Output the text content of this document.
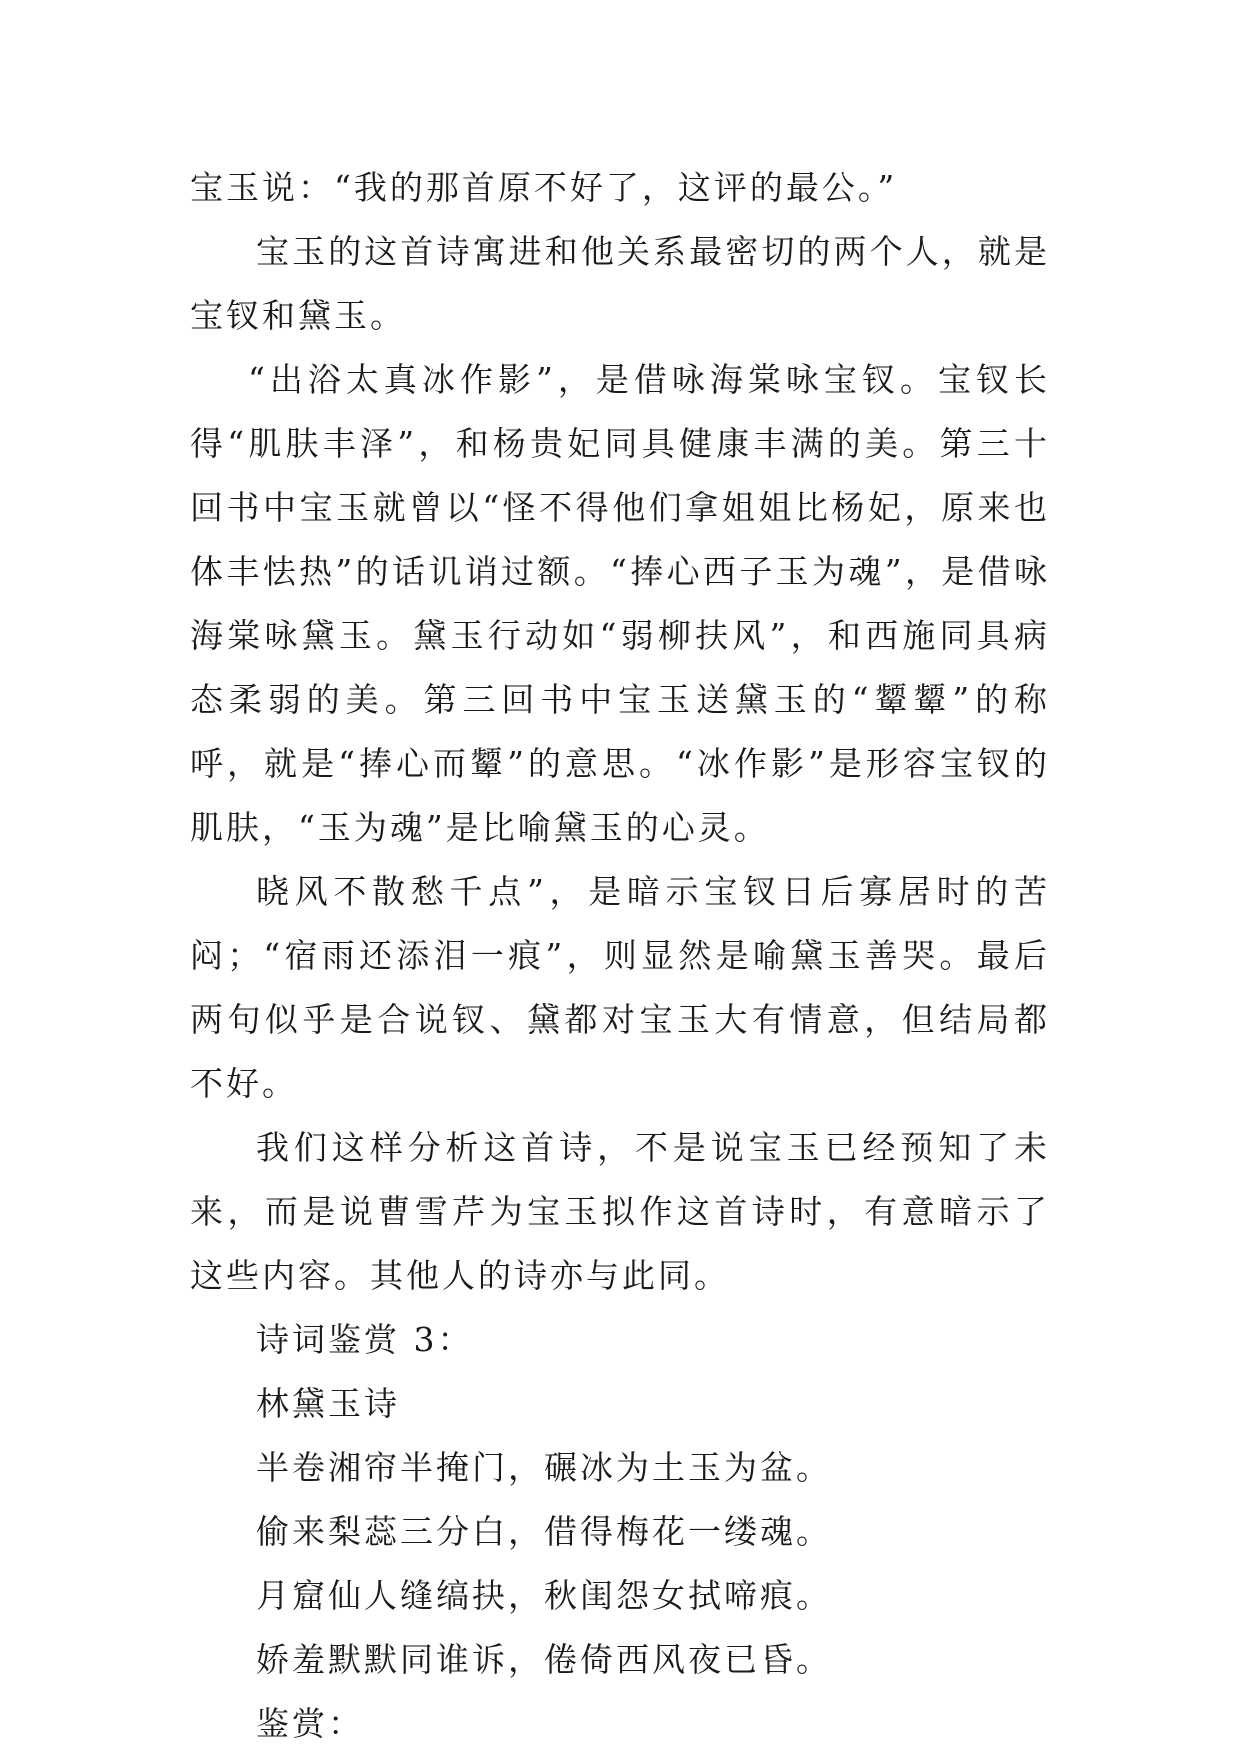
宝玉说：“我的那首原不好了，这评的最公。”

宝玉的这首诗寓进和他关系最密切的两个人，就是宝钗和黛玉。

“出浴太真冰作影”，是借咏海棠咏宝钗。宝钗长得“肌肤丰泽”，和杨贵妃同具健康丰满的美。第三十回书中宝玉就曾以“怪不得他们拿姐姐比杨妃，原来也体丰怯热”的话讥诮过额。“捧心西子玉为魂”，是借咏海棠咏黛玉。黛玉行动如“弱柳扶风”，和西施同具病态柔弱的美。第三回书中宝玉送黛玉的“颦颦”的称呼，就是“捧心而颦”的意思。“冰作影”是形容宝钗的肌肤，“玉为魂”是比喻黛玉的心灵。

晓风不散愁千点”，是暗示宝钗日后寡居时的苦闷；“宿雨还添泪一痕”，则显然是喻黛玉善哭。最后两句似乎是合说钗、黛都对宝玉大有情意，但结局都不好。

我们这样分析这首诗，不是说宝玉已经预知了未来，而是说曹雪芹为宝玉拟作这首诗时，有意暗示了这些内容。其他人的诗亦与此同。

诗词鉴赏 3：

林黛玉诗

半卷湘帘半掩门，碾冰为土玉为盆。

偷来梨蕊三分白，借得梅花一缕魂。

月窟仙人缝缟抉，秋闺怨女拭啼痕。

娇羞默默同谁诉，倦倚西风夜已昏。

鉴赏：
